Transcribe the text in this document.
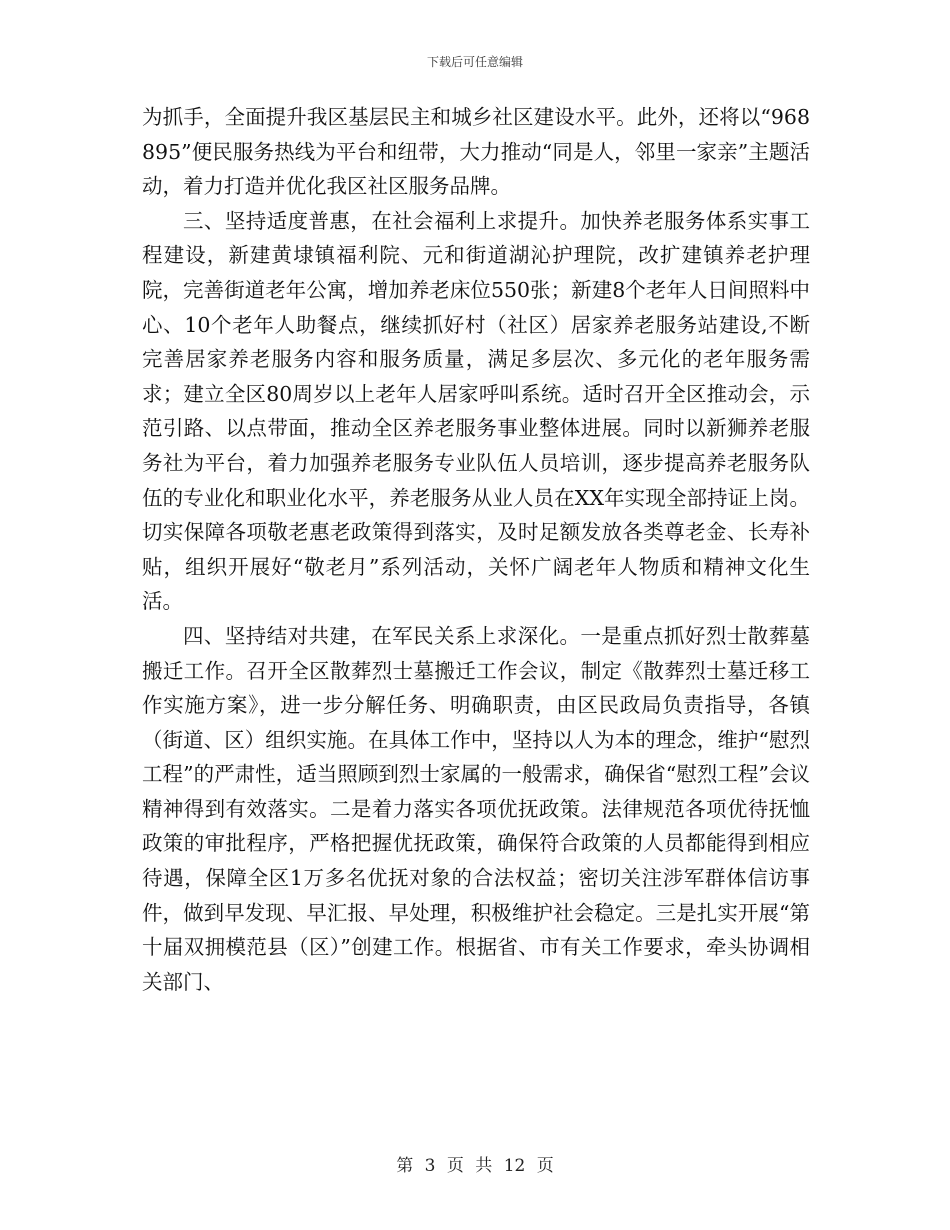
下载后可任意编辑

为抓手，全面提升我区基层民主和城乡社区建设水平。此外，还将以“968895”便民服务热线为平台和纽带，大力推动“同是人，邻里一家亲”主题活动，着力打造并优化我区社区服务品牌。

三、坚持适度普惠，在社会福利上求提升。加快养老服务体系实事工程建设，新建黄埭镇福利院、元和街道湖沁护理院，改扩建镇养老护理院，完善街道老年公寓，增加养老床位550张；新建8个老年人日间照料中心、10个老年人助餐点，继续抓好村（社区）居家养老服务站建设,不断完善居家养老服务内容和服务质量，满足多层次、多元化的老年服务需求；建立全区80周岁以上老年人居家呼叫系统。适时召开全区推动会，示范引路、以点带面，推动全区养老服务事业整体进展。同时以新狮养老服务社为平台，着力加强养老服务专业队伍人员培训，逐步提高养老服务队伍的专业化和职业化水平，养老服务从业人员在XX年实现全部持证上岗。切实保障各项敬老惠老政策得到落实，及时足额发放各类尊老金、长寿补贴，组织开展好“敬老月”系列活动，关怀广阔老年人物质和精神文化生活。

四、坚持结对共建，在军民关系上求深化。一是重点抓好烈士散葬墓搬迁工作。召开全区散葬烈士墓搬迁工作会议，制定《散葬烈士墓迁移工作实施方案》，进一步分解任务、明确职责，由区民政局负责指导，各镇（街道、区）组织实施。在具体工作中，坚持以人为本的理念，维护“慰烈工程”的严肃性，适当照顾到烈士家属的一般需求，确保省“慰烈工程”会议精神得到有效落实。二是着力落实各项优抚政策。法律规范各项优待抚恤政策的审批程序，严格把握优抚政策，确保符合政策的人员都能得到相应待遇，保障全区1万多名优抚对象的合法权益；密切关注涉军群体信访事件，做到早发现、早汇报、早处理，积极维护社会稳定。三是扎实开展“第十届双拥模范县（区）”创建工作。根据省、市有关工作要求，牵头协调相关部门、

第 3 页 共 12 页
